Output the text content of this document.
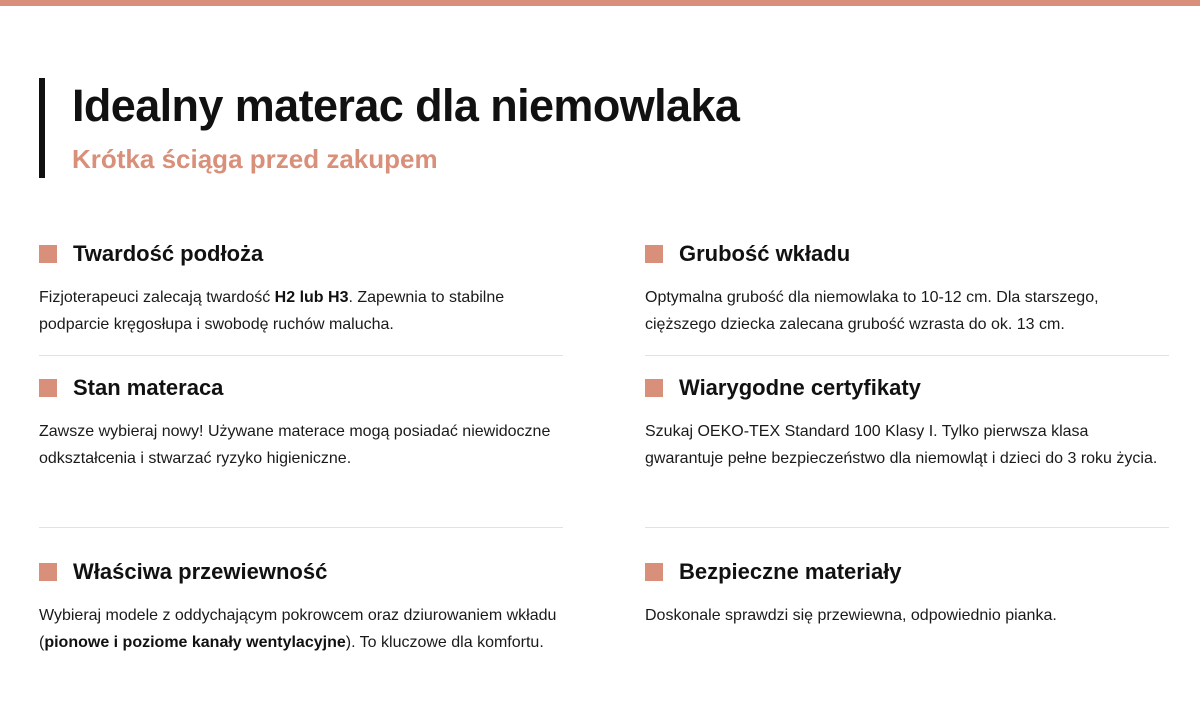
Idealny materac dla niemowlaka
Krótka ściąga przed zakupem
Twardość podłoża

Fizjoterapeuci zalecają twardość H2 lub H3. Zapewnia to stabilne podparcie kręgosłupa i swobodę ruchów malucha.

Stan materaca

Zawsze wybieraj nowy! Używane materace mogą posiadać niewidoczne odkształcenia i stwarzać ryzyko higieniczne.

Właściwa przewiewność

Wybieraj modele z oddychającym pokrowcem oraz dziurowaniem wkładu (pionowe i poziome kanały wentylacyjne). To kluczowe dla komfortu.

Grubość wkładu

Optymalna grubość dla niemowlaka to 10-12 cm. Dla starszego, cięższego dziecka zalecana grubość wzrasta do ok. 13 cm.

Wiarygodne certyfikaty

Szukaj OEKO-TEX Standard 100 Klasy I. Tylko pierwsza klasa gwarantuje pełne bezpieczeństwo dla niemowląt i dzieci do 3 roku życia.

Bezpieczne materiały

Doskonale sprawdzi się przewiewna, odpowiednio pianka.
